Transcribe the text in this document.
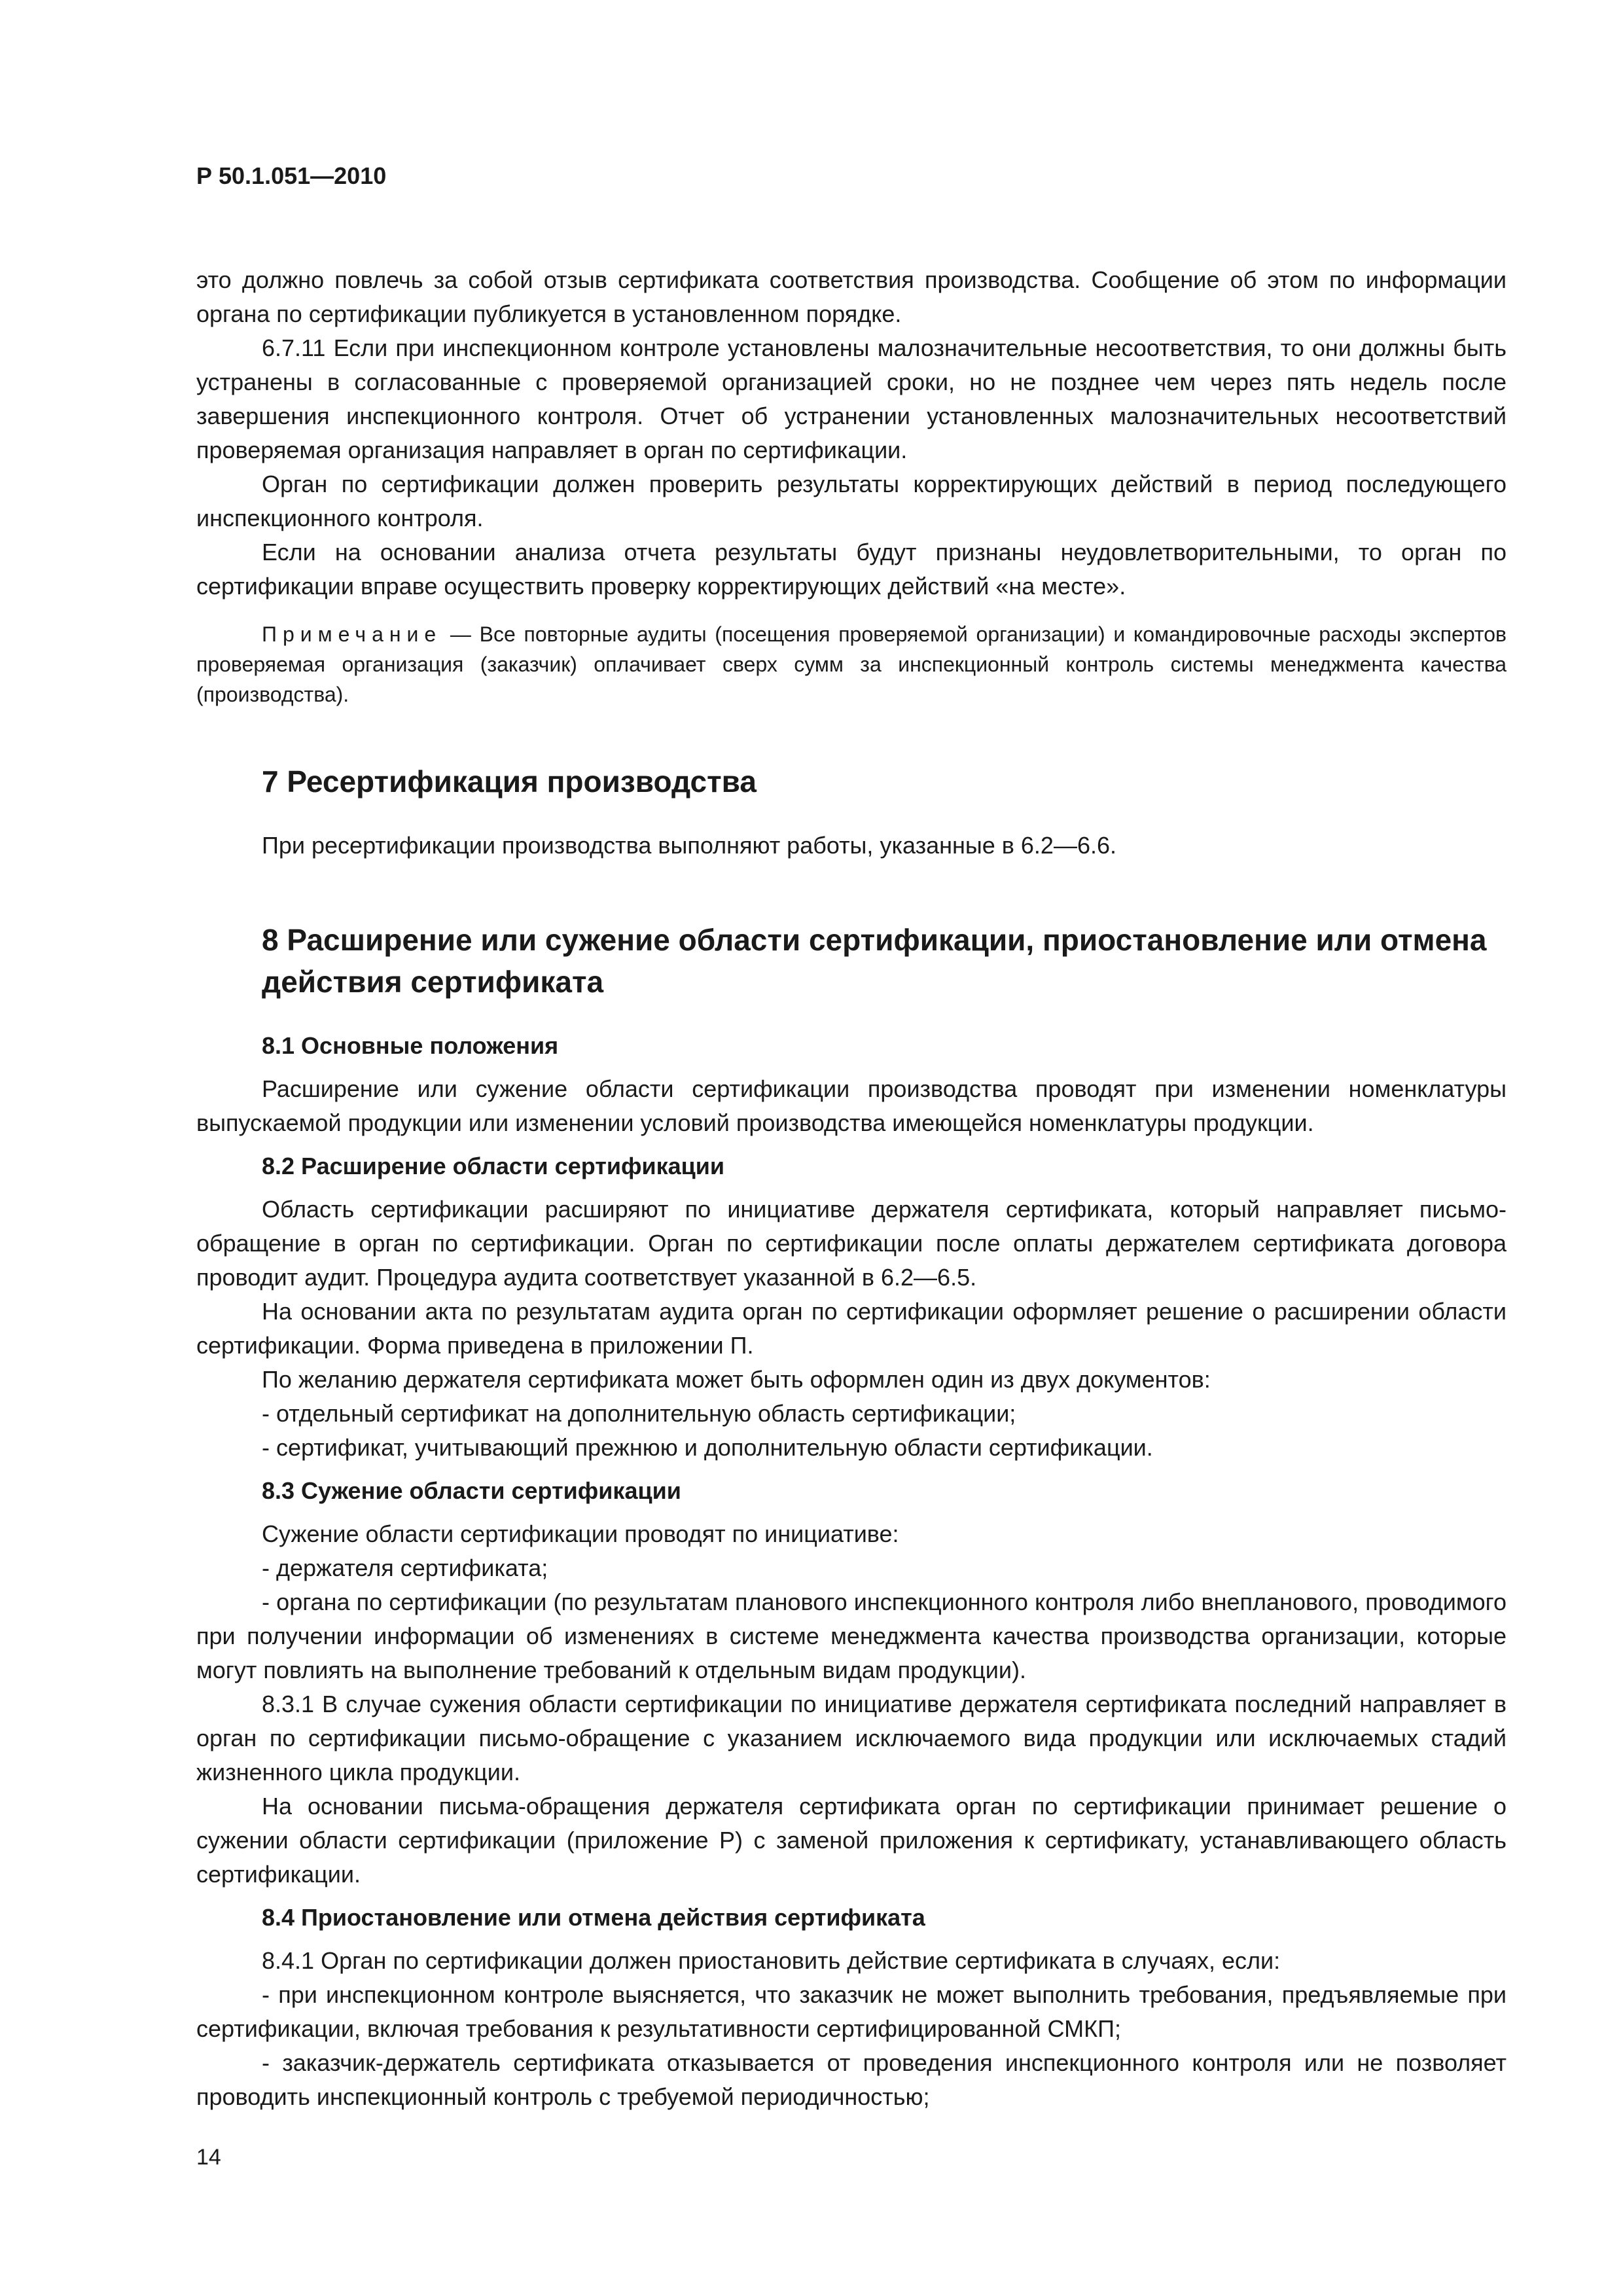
Р 50.1.051—2010

это должно повлечь за собой отзыв сертификата соответствия производства. Сообщение об этом по информации органа по сертификации публикуется в установленном порядке.

6.7.11 Если при инспекционном контроле установлены малозначительные несоответствия, то они должны быть устранены в согласованные с проверяемой организацией сроки, но не позднее чем через пять недель после завершения инспекционного контроля. Отчет об устранении установленных малозначительных несоответствий проверяемая организация направляет в орган по сертификации.

Орган по сертификации должен проверить результаты корректирующих действий в период последующего инспекционного контроля.

Если на основании анализа отчета результаты будут признаны неудовлетворительными, то орган по сертификации вправе осуществить проверку корректирующих действий «на месте».

Примечание — Все повторные аудиты (посещения проверяемой организации) и командировочные расходы экспертов проверяемая организация (заказчик) оплачивает сверх сумм за инспекционный контроль системы менеджмента качества (производства).
7 Ресертификация производства

При ресертификации производства выполняют работы, указанные в 6.2—6.6.

8 Расширение или сужение области сертификации, приостановление или отмена действия сертификата
8.1 Основные положения

Расширение или сужение области сертификации производства проводят при изменении номенклатуры выпускаемой продукции или изменении условий производства имеющейся номенклатуры продукции.

8.2 Расширение области сертификации

Область сертификации расширяют по инициативе держателя сертификата, который направляет письмо-обращение в орган по сертификации. Орган по сертификации после оплаты держателем сертификата договора проводит аудит. Процедура аудита соответствует указанной в 6.2—6.5.

На основании акта по результатам аудита орган по сертификации оформляет решение о расширении области сертификации. Форма приведена в приложении П.

По желанию держателя сертификата может быть оформлен один из двух документов:

- отдельный сертификат на дополнительную область сертификации;

- сертификат, учитывающий прежнюю и дополнительную области сертификации.

8.3 Сужение области сертификации

Сужение области сертификации проводят по инициативе:

- держателя сертификата;

- органа по сертификации (по результатам планового инспекционного контроля либо внепланового, проводимого при получении информации об изменениях в системе менеджмента качества производства организации, которые могут повлиять на выполнение требований к отдельным видам продукции).

8.3.1 В случае сужения области сертификации по инициативе держателя сертификата последний направляет в орган по сертификации письмо-обращение с указанием исключаемого вида продукции или исключаемых стадий жизненного цикла продукции.

На основании письма-обращения держателя сертификата орган по сертификации принимает решение о сужении области сертификации (приложение Р) с заменой приложения к сертификату, устанавливающего область сертификации.

8.4 Приостановление или отмена действия сертификата

8.4.1 Орган по сертификации должен приостановить действие сертификата в случаях, если:

- при инспекционном контроле выясняется, что заказчик не может выполнить требования, предъявляемые при сертификации, включая требования к результативности сертифицированной СМКП;

- заказчик-держатель сертификата отказывается от проведения инспекционного контроля или не позволяет проводить инспекционный контроль с требуемой периодичностью;

14
